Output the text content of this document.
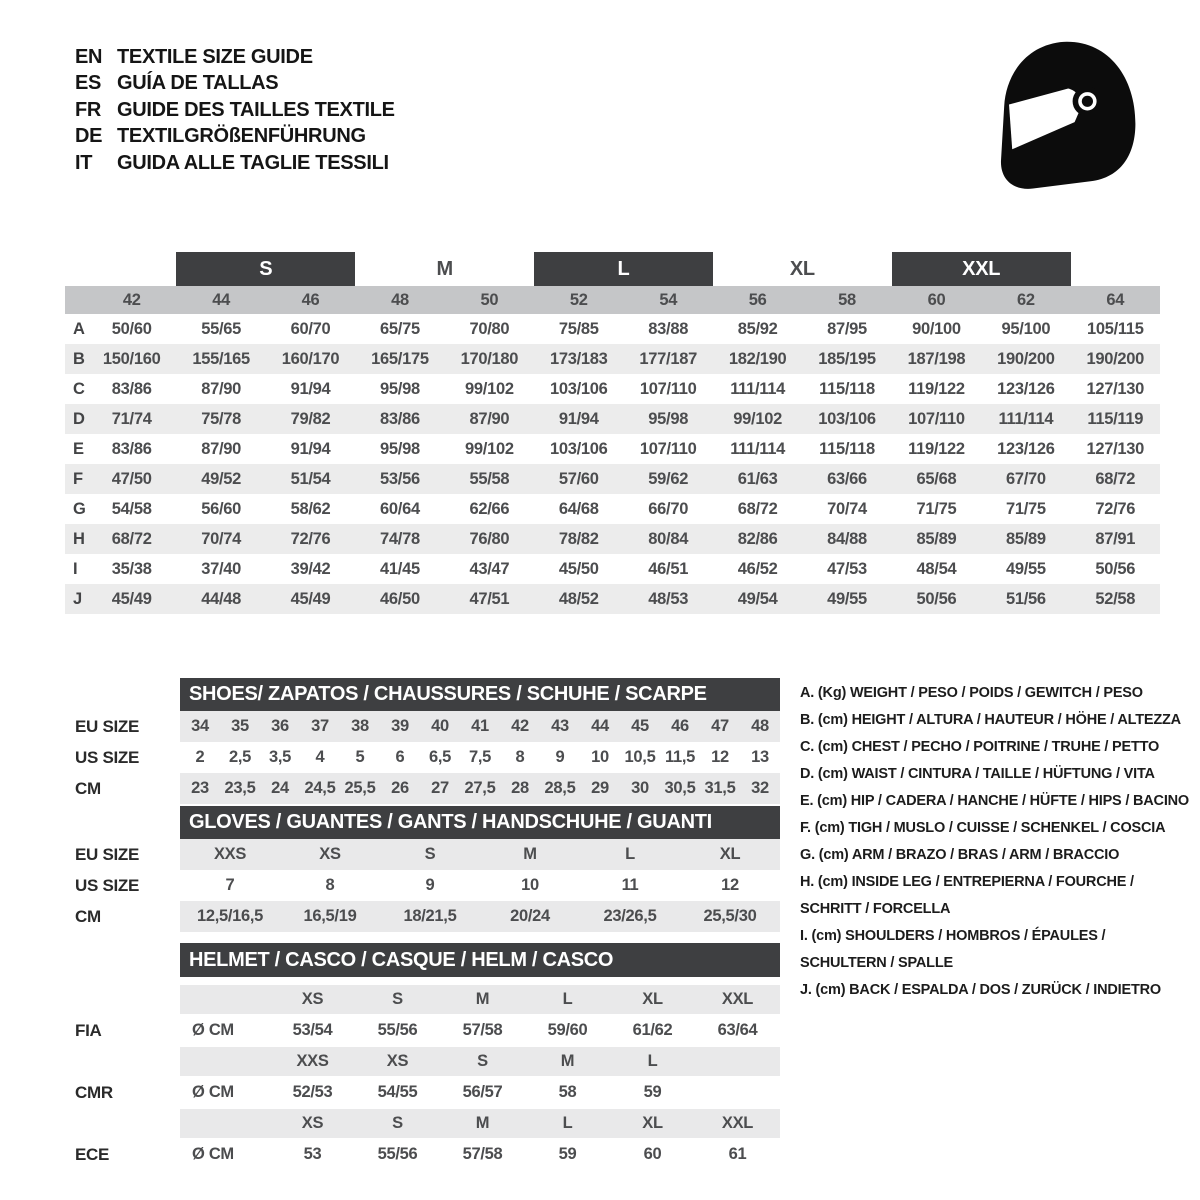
EN TEXTILE SIZE GUIDE
ES GUÍA DE TALLAS
FR GUIDE DES TAILLES TEXTILE
DE TEXTILGRÖßENFÜHRUNG
IT	GUIDA ALLE TAGLIE TESSILI
S	M	L	XL	XXL
42	44	46	48	50	52	54	56	58	60	62	64
A	50/60	55/65	60/70	65/75	70/80	75/85	83/88	85/92	87/95	90/100	95/100	105/115
B	150/160	155/165	160/170	165/175	170/180	173/183	177/187	182/190	185/195	187/198	190/200	190/200
C	83/86	87/90	91/94	95/98	99/102	103/106	107/110	111/114	115/118	119/122	123/126	127/130
D	71/74	75/78	79/82	83/86	87/90	91/94	95/98	99/102	103/106	107/110	111/114	115/119
E	83/86	87/90	91/94	95/98	99/102	103/106	107/110	111/114	115/118	119/122	123/126	127/130
F	47/50	49/52	51/54	53/56	55/58	57/60	59/62	61/63	63/66	65/68	67/70	68/72
G	54/58	56/60	58/62	60/64	62/66	64/68	66/70	68/72	70/74	71/75	71/75	72/76
H	68/72	70/74	72/76	74/78	76/80	78/82	80/84	82/86	84/88	85/89	85/89	87/91
I	35/38	37/40	39/42	41/45	43/47	45/50	46/51	46/52	47/53	48/54	49/55	50/56
J	45/49	44/48	45/49	46/50	47/51	48/52	48/53	49/54	49/55	50/56	51/56	52/58
SHOES/ ZAPATOS / CHAUSSURES / SCHUHE / SCARPE
EU SIZE	34	35	36	37	38	39	40	41	42	43	44	45	46	47	48
US SIZE	2	2,5	3,5	4	5	6	6,5	7,5	8	9	10 10,5 11,5 12	13
CM	23 23,5 24 24,5 25,5 26	27 27,5 28 28,5 29	30 30,5 31,5 32
GLOVES / GUANTES / GANTS / HANDSCHUHE / GUANTI
EU SIZE	XXS	XS	S	M	L	XL
US SIZE	7	8	9	10	11	12
CM	12,5/16,5	16,5/19	18/21,5	20/24	23/26,5	25,5/30
HELMET / CASCO / CASQUE / HELM / CASCO
FIA
XS	S	M	L	XL	XXL
Ø CM	53/54	55/56	57/58	59/60	61/62	63/64
CMR
XXS	XS	S	M	L
Ø CM	52/53	54/55	56/57	58	59
ECE
XS	S	M	L	XL	XXL
Ø CM	53	55/56	57/58	59	60	61
A. (Kg) WEIGHT / PESO / POIDS / GEWITCH / PESO
B. (cm) HEIGHT / ALTURA / HAUTEUR / HÖHE / ALTEZZA
C. (cm) CHEST / PECHO / POITRINE / TRUHE / PETTO
D. (cm) WAIST / CINTURA / TAILLE / HÜFTUNG / VITA
E. (cm) HIP / CADERA / HANCHE / HÜFTE / HIPS / BACINO
F. (cm) TIGH / MUSLO / CUISSE / SCHENKEL / COSCIA
G. (cm) ARM / BRAZO / BRAS / ARM / BRACCIO
H. (cm) INSIDE LEG / ENTREPIERNA / FOURCHE / SCHRITT / FORCELLA
I. (cm) SHOULDERS / HOMBROS / ÉPAULES / SCHULTERN / SPALLE
J. (cm) BACK / ESPALDA / DOS / ZURÜCK / INDIETRO
